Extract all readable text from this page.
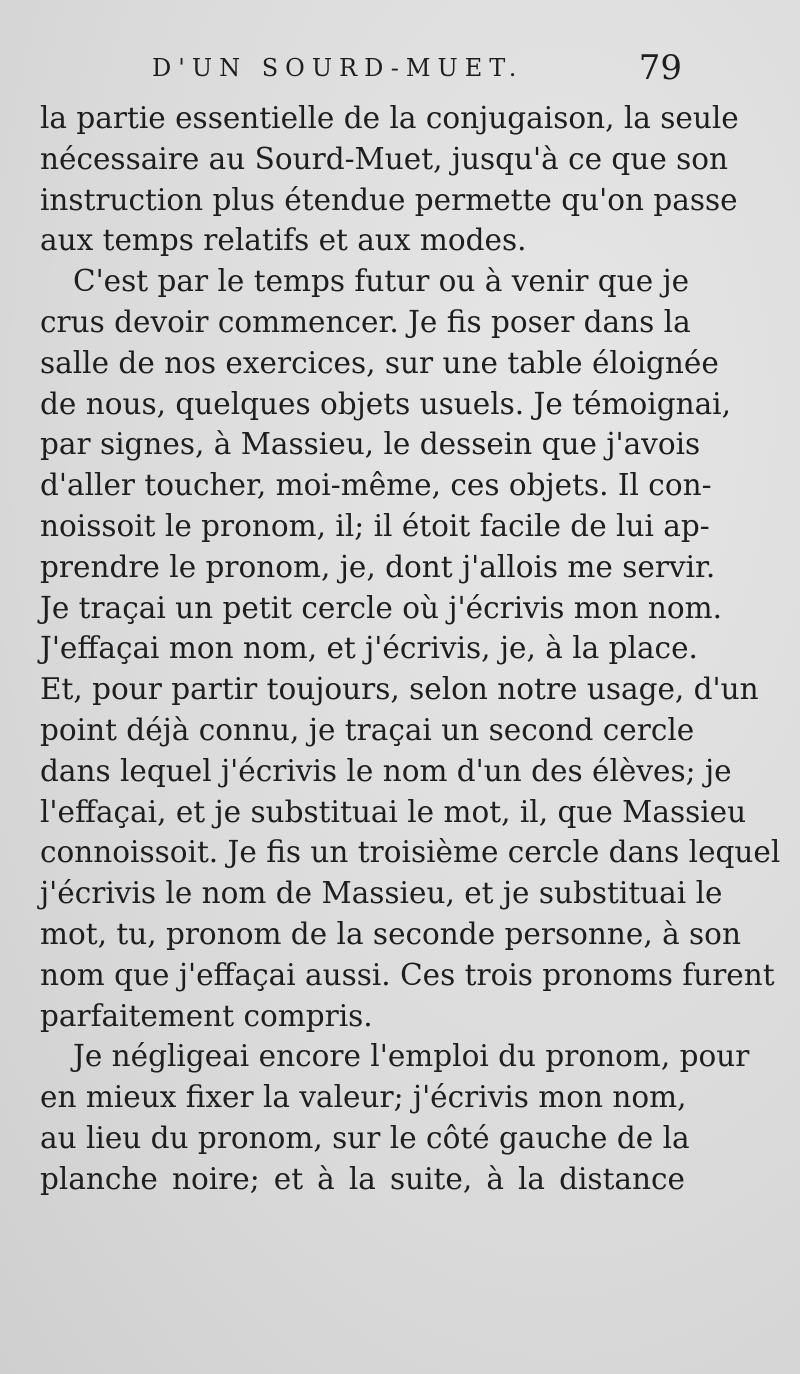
D'UN SOURD-MUET.	79
la partie essentielle de la conjugaison, la seule
nécessaire au Sourd-Muet, jusqu'à ce que son
instruction plus étendue permette qu'on passe
aux temps relatifs et aux modes.
C'est par le temps futur ou à venir que je
crus devoir commencer. Je fis poser dans la
salle de nos exercices, sur une table éloignée
de nous, quelques objets usuels. Je témoignai,
par signes, à Massieu, le dessein que j'avois
d'aller toucher, moi-même, ces objets. Il con-
noissoit le pronom, il; il étoit facile de lui ap-
prendre le pronom, je, dont j'allois me servir.
Je traçai un petit cercle où j'écrivis mon nom.
J'effaçai mon nom, et j'écrivis, je, à la place.
Et, pour partir toujours, selon notre usage, d'un
point déjà connu, je traçai un second cercle
dans lequel j'écrivis le nom d'un des élèves; je
l'effaçai, et je substituai le mot, il, que Massieu
connoissoit. Je fis un troisième cercle dans lequel
j'écrivis le nom de Massieu, et je substituai le
mot, tu, pronom de la seconde personne, à son
nom que j'effaçai aussi. Ces trois pronoms furent
parfaitement compris.
Je négligeai encore l'emploi du pronom, pour
en mieux fixer la valeur; j'écrivis mon nom,
au lieu du pronom, sur le côté gauche de la
planche noire; et à la suite, à la distance
